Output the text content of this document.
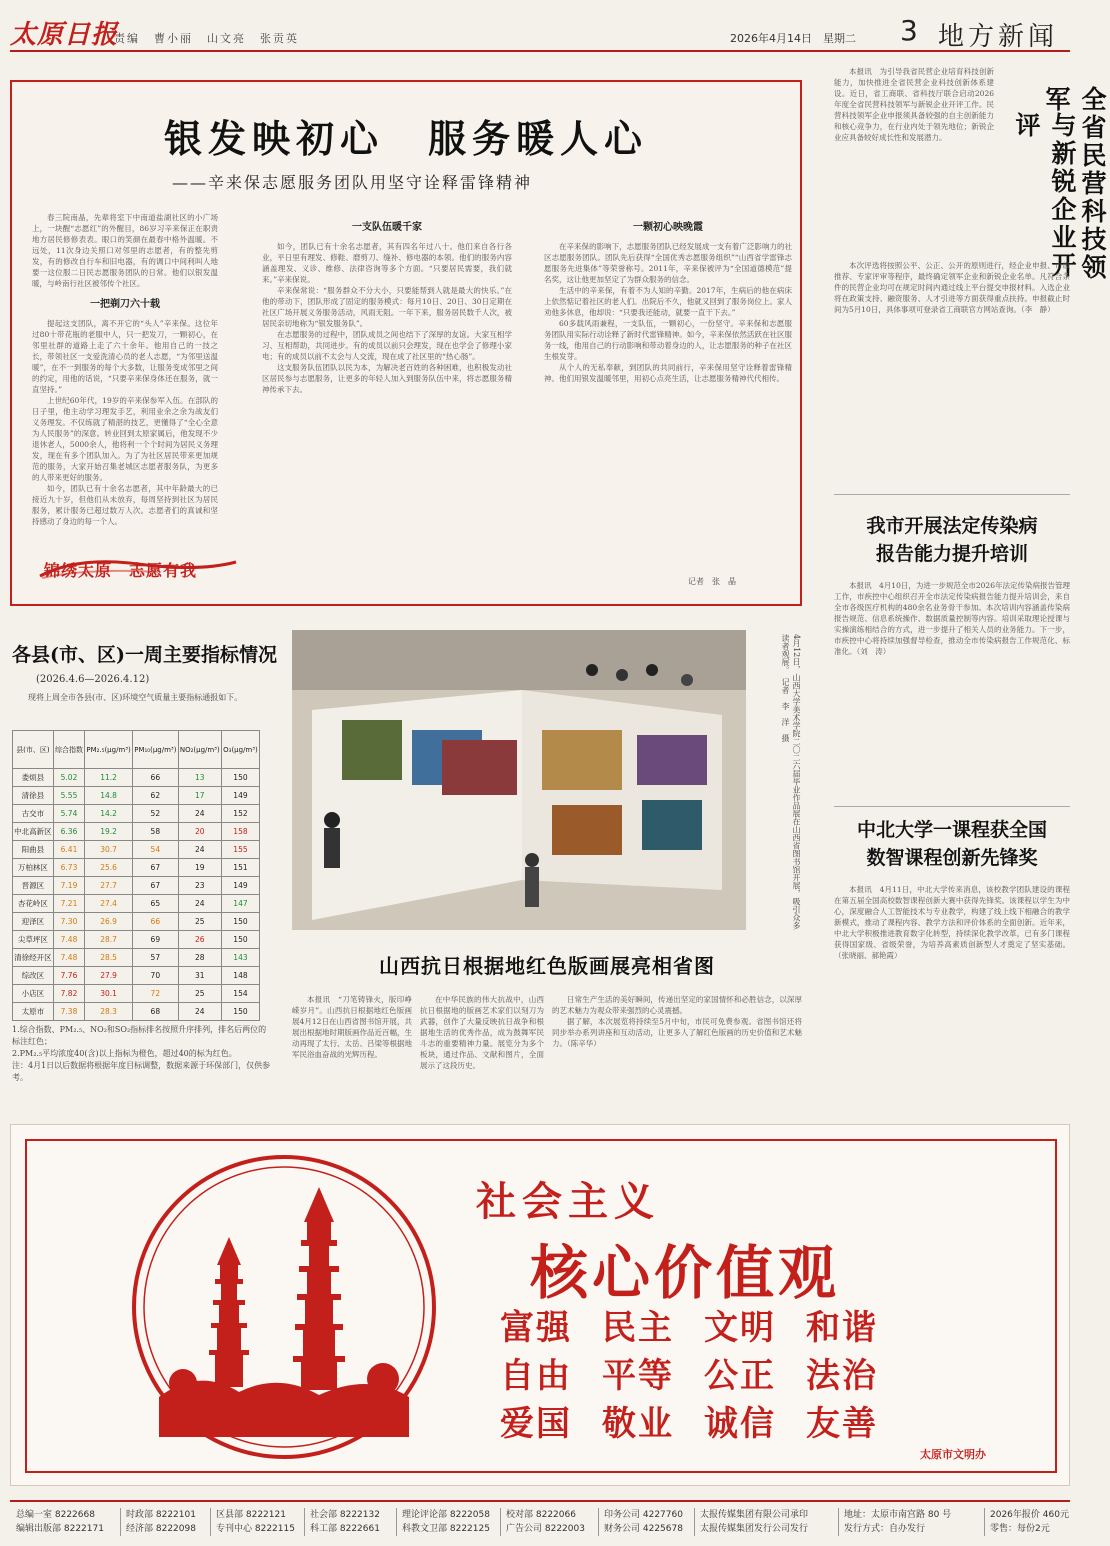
太原日报
责编 曹小丽 山文亮 张贡英	2026年4月14日　星期二 3 地方新闻
银发映初心　服务暖人心
——辛来保志愿服务团队用坚守诠释雷锋精神

春三院南晶，先辈将室下中南道盐湖社区的小广场上，一块醒“志愿红”的外醒目，86岁习辛来保正在职责地方居民修修表表。眼口的笑颜在最春中格外温暖。不远处，11次身边关照口对邻里的志愿者，有的整先剪发，有的修改自行车和旧电器，有的调口中间利叫人地要一这位服二日民志愿服务团队的日常。他们以银发温暖，与岭南行社区被邻传个社区。

一把剃刀六十载

提起这支团队，离不开它的“头人”辛来保。这位年过80十带花瓶的老服中人，只一把发刀，一顆初心，在邻里社群的道路上走了六十余年。他用自己的一技之长，带领社区一支爱洗清心员的老人志愿，“为邻里送温暖”，在不一到服务的每个大多数，让服务变成邻里之间的约定，用他的话说，“只要辛来保身体还在服务，就一直坚持。”

上世纪60年代，19岁的辛来保参军入伍。在部队的日子里，他主动学习理发手艺，利用业余之余为战友们义务理发。不仅练就了精湛的技艺，更懂得了“全心全意为人民服务”的深意。转业回到太原家属后，他发现不少退休老人，5000余人，他将利一个个时间为居民义务理发，现在有多个团队加入。为了为社区居民带来更加规范的服务，大家开始召集老城区志愿者服务队，为更多的人带来更好的服务。

如今，团队已有十余名志愿者，其中年龄最大的已接近九十岁，但他们从未放弃，每周坚持到社区为居民服务，累计服务已超过数万人次。志愿者们的真诚和坚持感动了身边的每一个人。

一支队伍暖千家

如今，团队已有十余名志愿者，其有四名年过八十。他们来自各行各业，平日里有理发、修鞋、磨剪刀、缝补、修电器的本领。他们的服务内容涵盖理发、义诊、维修、法律咨询等多个方面。“只要居民需要，我们就来。”辛来保说。

辛来保常说：“服务群众不分大小，只要能帮到人就是最大的快乐。”在他的带动下，团队形成了固定的服务模式：每月10日、20日、30日定期在社区广场开展义务服务活动，风雨无阻。一年下来，服务居民数千人次，被居民亲切地称为“银发服务队”。

在志愿服务的过程中，团队成员之间也结下了深厚的友谊。大家互相学习、互相帮助，共同进步。有的成员以前只会理发，现在也学会了修理小家电；有的成员以前不太会与人交流，现在成了社区里的“热心肠”。

这支服务队伍团队以民为本，为解决老百姓的各种困难，也积极发动社区居民参与志愿服务，让更多的年轻人加入到服务队伍中来，将志愿服务精神传承下去。

一颗初心映晚霞

在辛来保的影响下，志愿服务团队已经发展成一支有着广泛影响力的社区志愿服务团队。团队先后获得“全国优秀志愿服务组织”“山西省学雷锋志愿服务先进集体”等荣誉称号。2011年，辛来保被评为“全国道德模范”提名奖，这让他更加坚定了为群众服务的信念。

生活中的辛来保，有着不为人知的辛勤。2017年，生病后的他在病床上依然惦记着社区的老人们。出院后不久，他就又回到了服务岗位上。家人劝他多休息，他却说：“只要我还能动，就要一直干下去。”

60多载风雨兼程，一支队伍，一颗初心，一份坚守。辛来保和志愿服务团队用实际行动诠释了新时代雷锋精神。如今，辛来保依然活跃在社区服务一线，他用自己的行动影响和带动着身边的人，让志愿服务的种子在社区生根发芽。

从个人的无私奉献，到团队的共同前行，辛来保用坚守诠释着雷锋精神。他们用银发温暖邻里，用初心点亮生活，让志愿服务精神代代相传。

锦绣太原　志愿有我
记者　张　晶

本报讯　为引导我省民营企业培育科技创新能力，加快推进全省民营企业科技创新体系建设。近日，省工商联、省科技厅联合启动2026年度全省民营科技领军与新锐企业开评工作。民营科技领军企业申报须具备较强的自主创新能力和核心竞争力，在行业内处于领先地位；新锐企业应具备较好成长性和发展潜力。	全省民营科技领军
与新锐企业开评

本次评选将按照公平、公正、公开的原则进行，经企业申报、市级推荐、专家评审等程序，最终确定领军企业和新锐企业名单。凡符合条件的民营企业均可在规定时间内通过线上平台提交申报材料。入选企业将在政策支持、融资服务、人才引进等方面获得重点扶持。申报截止时间为5月10日，具体事项可登录省工商联官方网站查询。（李　静）

我市开展法定传染病
报告能力提升培训

本报讯　4月10日，为进一步规范全市2026年法定传染病报告管理工作，市疾控中心组织召开全市法定传染病报告能力提升培训会，来自全市各级医疗机构的480余名业务骨干参加。本次培训内容涵盖传染病报告规范、信息系统操作、数据质量控制等内容。培训采取理论授课与实操演练相结合的方式，进一步提升了相关人员的业务能力。下一步，市疾控中心将持续加强督导检查，推动全市传染病报告工作规范化、标准化。（刘　涛）

中北大学一课程获全国
数智课程创新先锋奖

本报讯　4月11日，中北大学传来消息，该校教学团队建设的课程在第五届全国高校数智课程创新大赛中获得先锋奖。该课程以学生为中心，深度融合人工智能技术与专业教学，构建了线上线下相融合的教学新模式，推动了课程内容、教学方法和评价体系的全面创新。近年来，中北大学积极推进教育数字化转型，持续深化教学改革，已有多门课程获得国家级、省级荣誉，为培养高素质创新型人才奠定了坚实基础。（张晓丽、郝艳霞）

各县(市、区)一周主要指标情况
(2026.4.6—2026.4.12)
现将上周全市各县(市、区)环境空气质量主要指标通报如下。
县(市、区)	综合指数	PM₂.₅(μg/m³)	PM₁₀(μg/m³)	NO₂(μg/m³)	O₃(μg/m³)
娄烦县	5.02	11.2	66	13	150
清徐县	5.55	14.8	62	17	149
古交市	5.74	14.2	52	24	152
中北高新区	6.36	19.2	58	20	158
阳曲县	6.41	30.7	54	24	155
万柏林区	6.73	25.6	67	19	151
晋源区	7.19	27.7	67	23	149
杏花岭区	7.21	27.4	65	24	147
迎泽区	7.30	26.9	66	25	150
尖草坪区	7.48	28.7	69	26	150
清徐经开区	7.48	28.5	57	28	143
综改区	7.76	27.9	70	31	148
小店区	7.82	30.1	72	25	154
太原市	7.38	28.3	68	24	150

1.综合指数、PM₂.₅、NO₂和SO₂指标排名按照升序排列，排名后两位的标注红色；

2.PM₂.₅平均浓度40(含)以上指标为橙色，超过40的标为红色。

注：4月1日以后数据将根据年度目标调整，数据来源于环保部门，仅供参考。

4月12日，山西大学美术学院二〇二六届毕业作品展在山西省图书馆开展，吸引众多读者观展。　记者　李　洋　摄
山西抗日根据地红色版画展亮相省图

本报讯　“刀笔铸锋火，版印峥嵘岁月”。山西抗日根据地红色版画展4月12日在山西省图书馆开展，共展出根据地时期版画作品近百幅，生动再现了太行、太岳、吕梁等根据地军民浴血奋战的光辉历程。

在中华民族的伟大抗战中，山西抗日根据地的版画艺术家们以刻刀为武器，创作了大量反映抗日战争和根据地生活的优秀作品，成为鼓舞军民斗志的重要精神力量。展览分为多个板块，通过作品、文献和图片，全面展示了这段历史。

日常生产生活的美好瞬间，传递出坚定的家国情怀和必胜信念，以深厚的艺术魅力为观众带来强烈的心灵震撼。

据了解，本次展览将持续至5月中旬，市民可免费参观。省图书馆还将同步举办系列讲座和互动活动，让更多人了解红色版画的历史价值和艺术魅力。（陈辛华）

社会主义
核心价值观
富强 民主 文明 和谐 自由 平等 公正 法治 爱国 敬业 诚信 友善
太原市文明办
总编一室 8222668
编辑出版部 8222171
时政部 8222101
经济部 8222098
区县部 8222121
专刊中心 8222115
社会部 8222132
科工部 8222661
理论评论部 8222058
科教文卫部 8222125
校对部 8222066
广告公司 8222003
印务公司 4227760
财务公司 4225678
太报传媒集团有限公司承印
太报传媒集团发行公司发行
地址：太原市南宫路 80 号
发行方式：自办发行
2026年报价 460元
零售：每份2元
